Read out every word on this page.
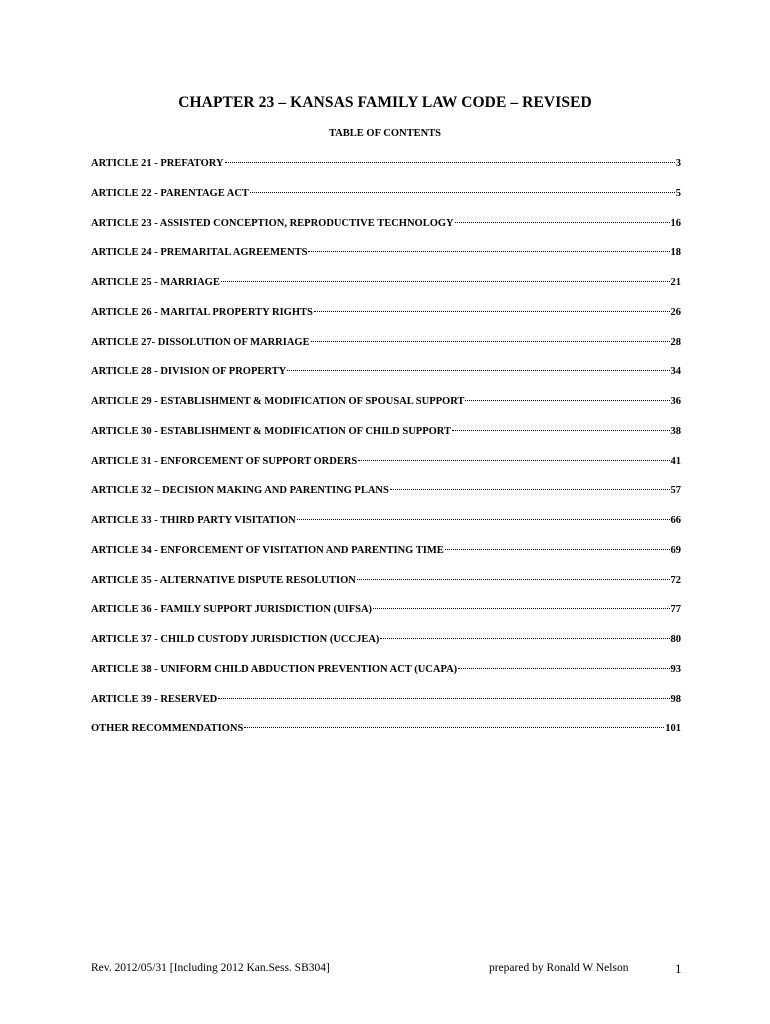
CHAPTER 23 – KANSAS FAMILY LAW CODE – REVISED
TABLE OF CONTENTS
ARTICLE 21 - PREFATORY	3
ARTICLE 22 - PARENTAGE ACT	5
ARTICLE 23 - ASSISTED CONCEPTION, REPRODUCTIVE TECHNOLOGY	16
ARTICLE 24 - PREMARITAL AGREEMENTS	18
ARTICLE 25 - MARRIAGE	21
ARTICLE 26 - MARITAL PROPERTY RIGHTS	26
ARTICLE 27- DISSOLUTION OF MARRIAGE	28
ARTICLE 28 - DIVISION OF PROPERTY	34
ARTICLE 29 - ESTABLISHMENT & MODIFICATION OF SPOUSAL SUPPORT	36
ARTICLE 30 - ESTABLISHMENT & MODIFICATION OF CHILD SUPPORT	38
ARTICLE 31 - ENFORCEMENT OF SUPPORT ORDERS	41
ARTICLE 32 – DECISION MAKING AND PARENTING PLANS	57
ARTICLE 33 - THIRD PARTY VISITATION	66
ARTICLE 34 - ENFORCEMENT OF VISITATION AND PARENTING TIME	69
ARTICLE 35 - ALTERNATIVE DISPUTE RESOLUTION	72
ARTICLE 36 - FAMILY SUPPORT JURISDICTION (UIFSA)	77
ARTICLE 37 - CHILD CUSTODY JURISDICTION (UCCJEA)	80
ARTICLE 38 - UNIFORM CHILD ABDUCTION PREVENTION ACT (UCAPA)	93
ARTICLE 39 - RESERVED	98
OTHER RECOMMENDATIONS	101
Rev. 2012/05/31 [Including 2012 Kan.Sess. SB304]	prepared by Ronald W Nelson	1
